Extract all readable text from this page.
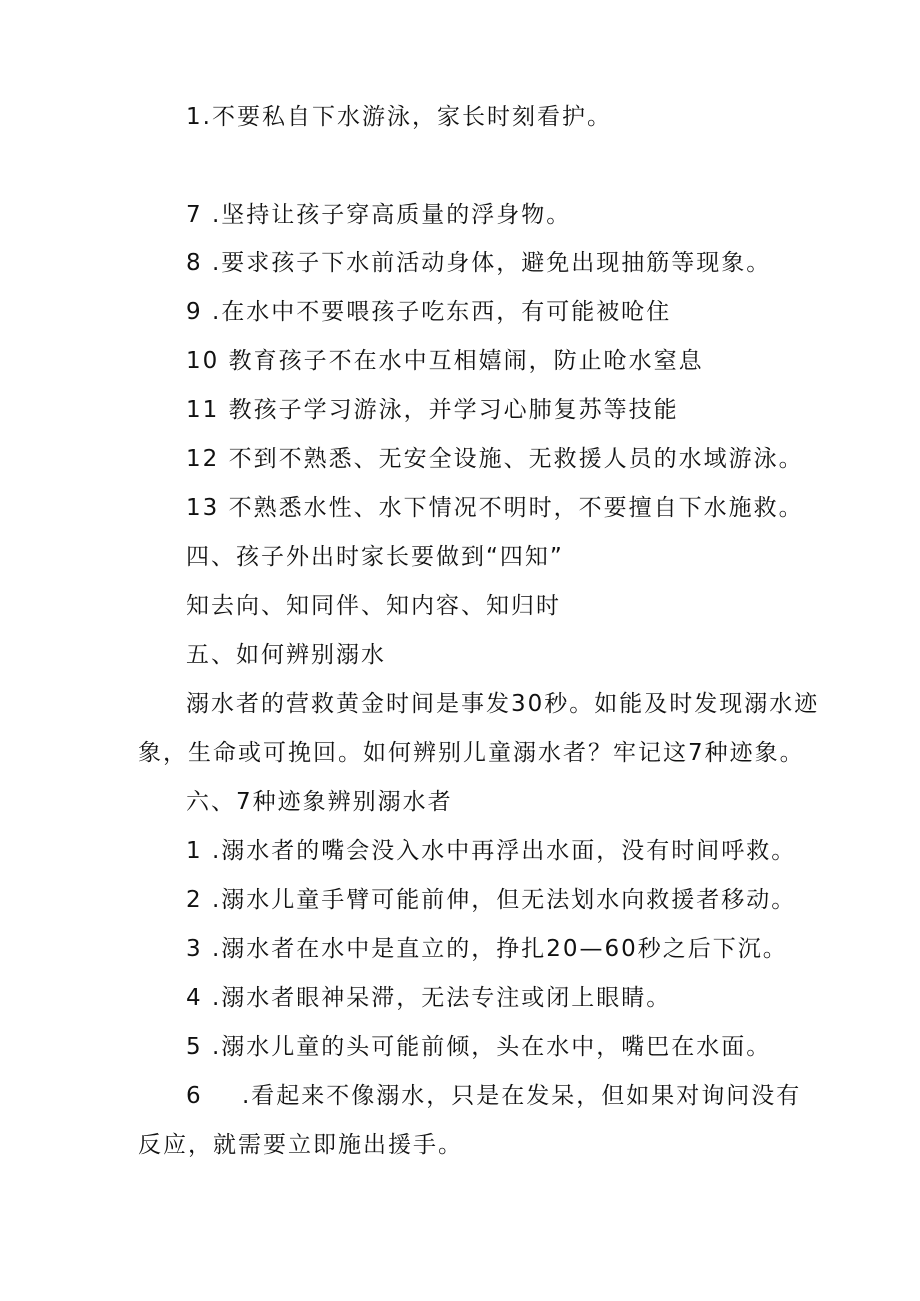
1.不要私自下水游泳，家长时刻看护。
7 .坚持让孩子穿高质量的浮身物。
8 .要求孩子下水前活动身体，避免出现抽筋等现象。
9 .在水中不要喂孩子吃东西，有可能被呛住
10 教育孩子不在水中互相嬉闹，防止呛水窒息
11 教孩子学习游泳，并学习心肺复苏等技能
12 不到不熟悉、无安全设施、无救援人员的水域游泳。
13 不熟悉水性、水下情况不明时，不要擅自下水施救。
四、孩子外出时家长要做到“四知”
知去向、知同伴、知内容、知归时
五、如何辨别溺水
溺水者的营救黄金时间是事发30秒。如能及时发现溺水迹
象，生命或可挽回。如何辨别儿童溺水者？牢记这7种迹象。
六、7种迹象辨别溺水者
1 .溺水者的嘴会没入水中再浮出水面，没有时间呼救。
2 .溺水儿童手臂可能前伸，但无法划水向救援者移动。
3 .溺水者在水中是直立的，挣扎20—60秒之后下沉。
4 .溺水者眼神呆滞，无法专注或闭上眼睛。
5 .溺水儿童的头可能前倾，头在水中，嘴巴在水面。
6 .看起来不像溺水，只是在发呆，但如果对询问没有
反应，就需要立即施出援手。
